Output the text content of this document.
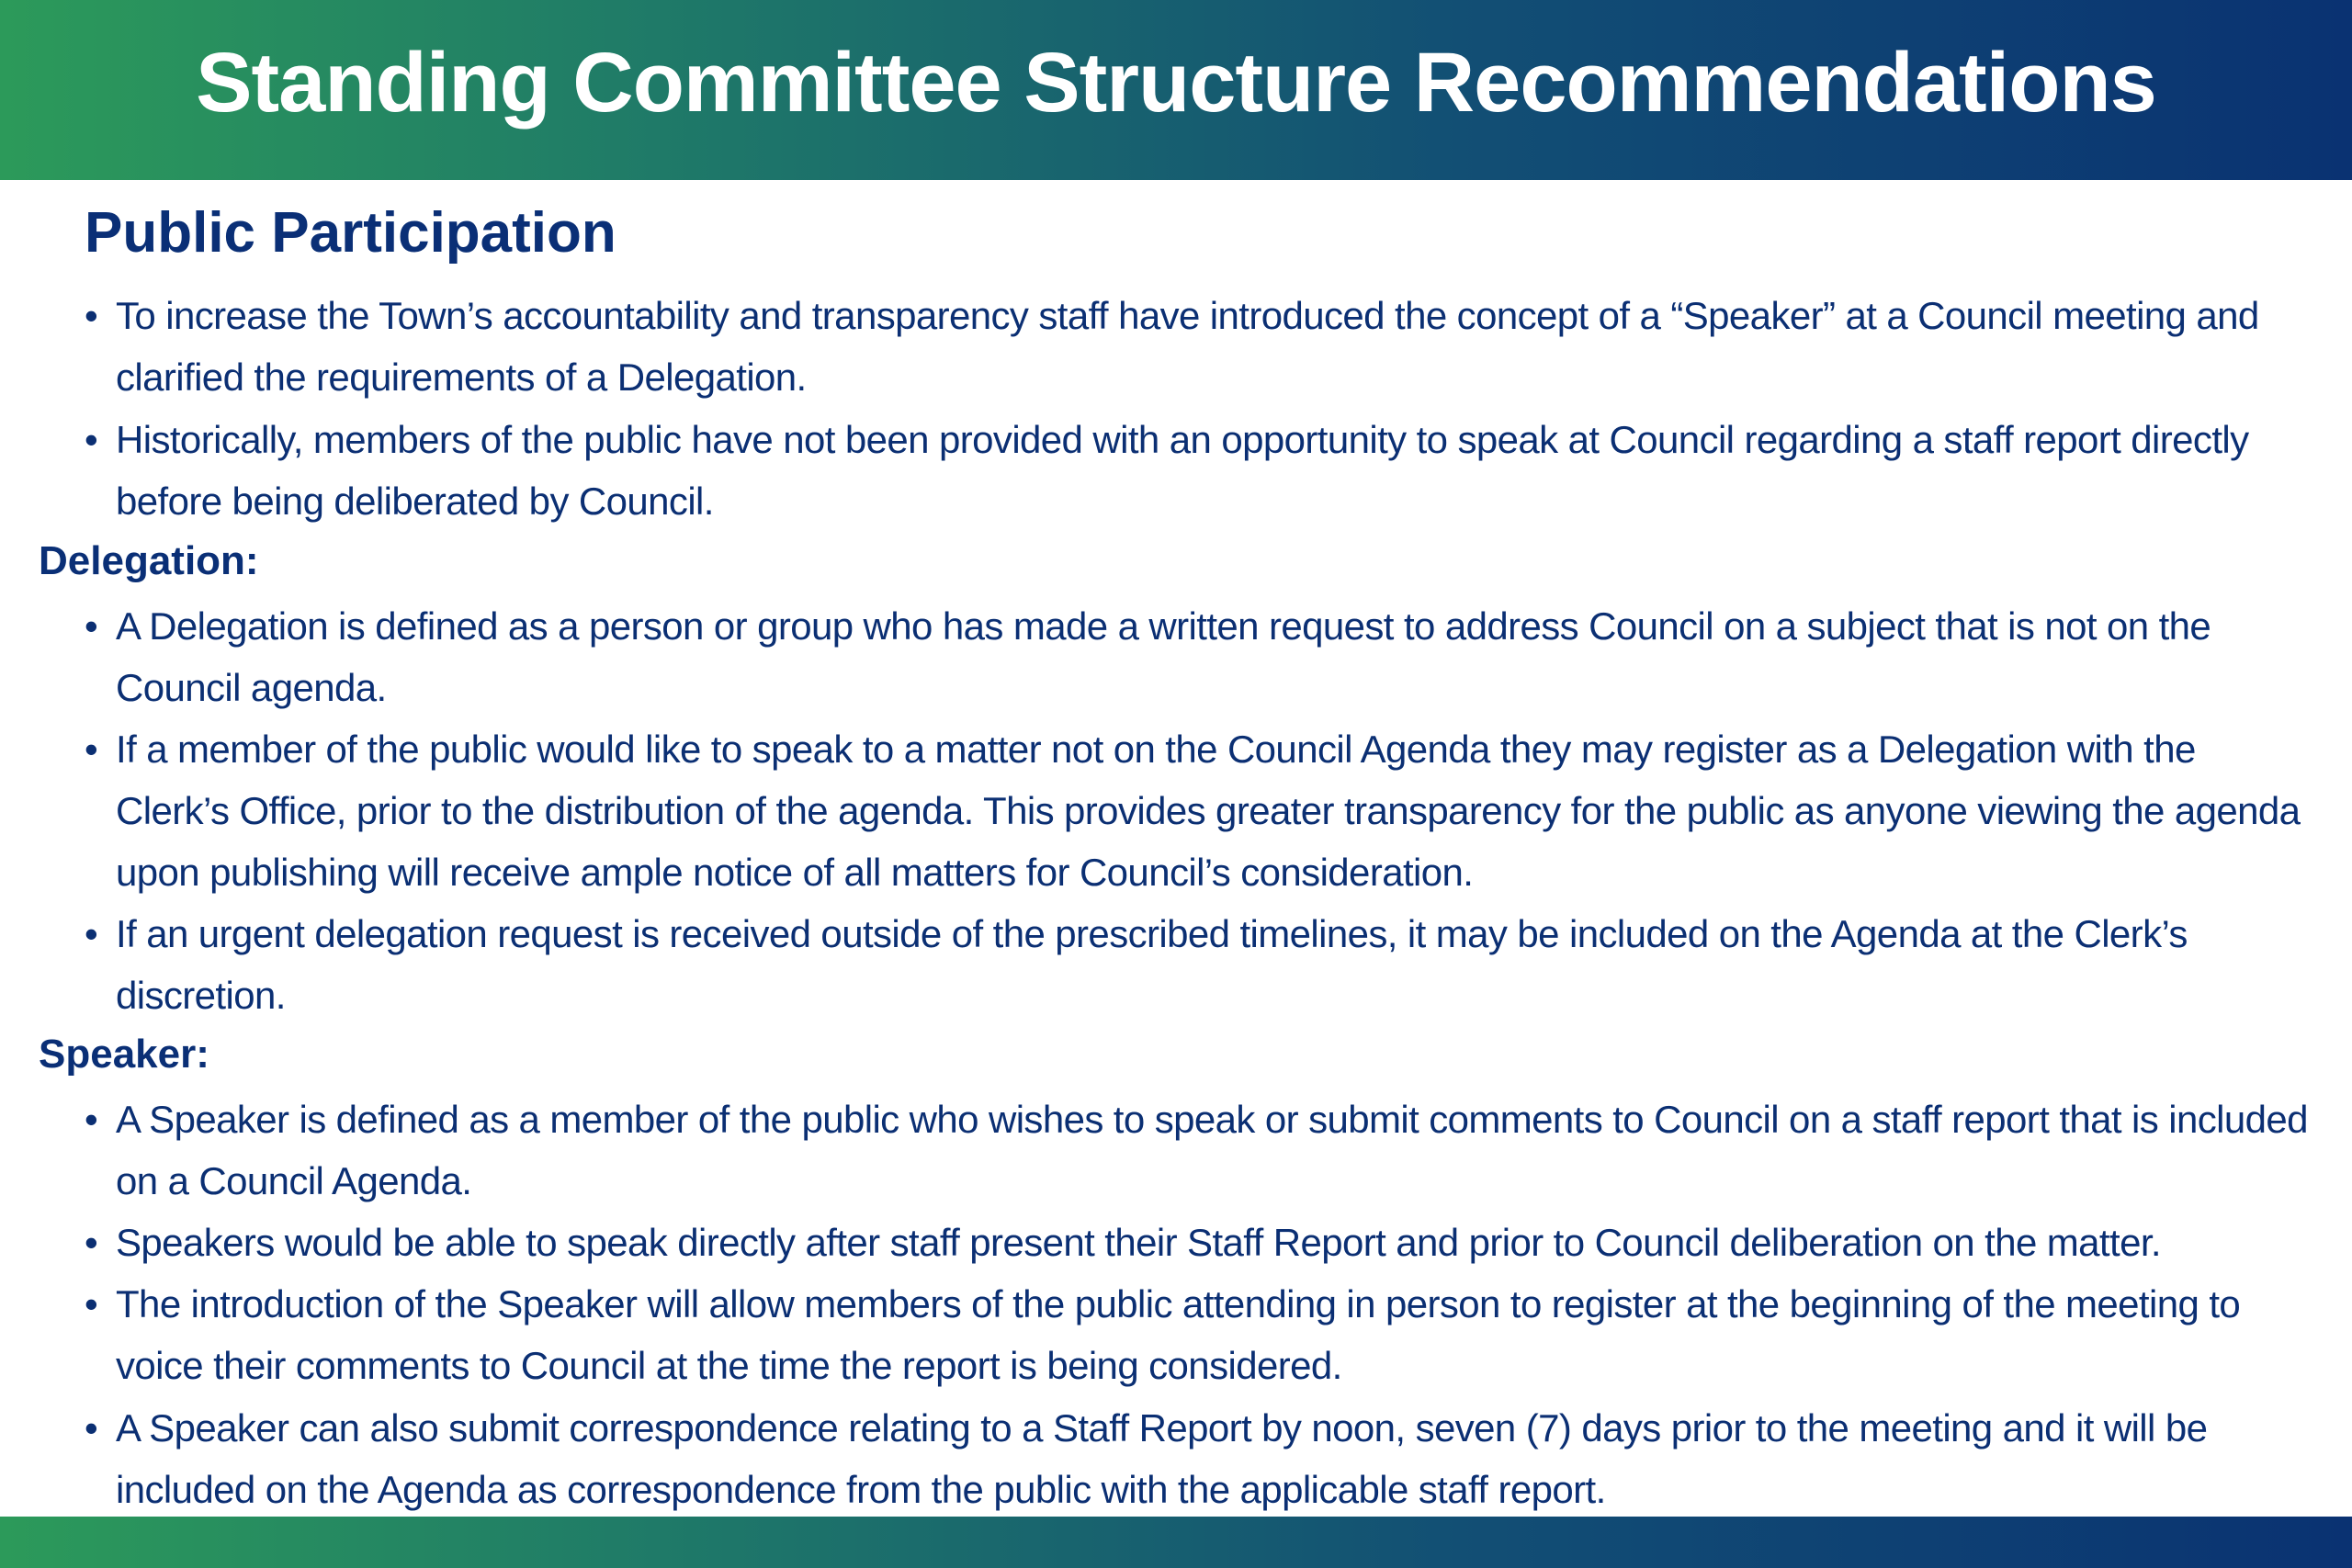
Standing Committee Structure Recommendations
Public Participation
• To increase the Town’s accountability and transparency staff have introduced the concept of a “Speaker” at a Council meeting and clarified the requirements of a Delegation.
• Historically, members of the public have not been provided with an opportunity to speak at Council regarding a staff report directly before being deliberated by Council.
Delegation:
• A Delegation is defined as a person or group who has made a written request to address Council on a subject that is not on the Council agenda.
• If a member of the public would like to speak to a matter not on the Council Agenda they may register as a Delegation with the Clerk’s Office, prior to the distribution of the agenda. This provides greater transparency for the public as anyone viewing the agenda upon publishing will receive ample notice of all matters for Council’s consideration.
• If an urgent delegation request is received outside of the prescribed timelines, it may be included on the Agenda at the Clerk’s discretion.
Speaker:
• A Speaker is defined as a member of the public who wishes to speak or submit comments to Council on a staff report that is included on a Council Agenda.
• Speakers would be able to speak directly after staff present their Staff Report and prior to Council deliberation on the matter.
• The introduction of the Speaker will allow members of the public attending in person to register at the beginning of the meeting to voice their comments to Council at the time the report is being considered.
• A Speaker can also submit correspondence relating to a Staff Report by noon, seven (7) days prior to the meeting and it will be included on the Agenda as correspondence from the public with the applicable staff report.
